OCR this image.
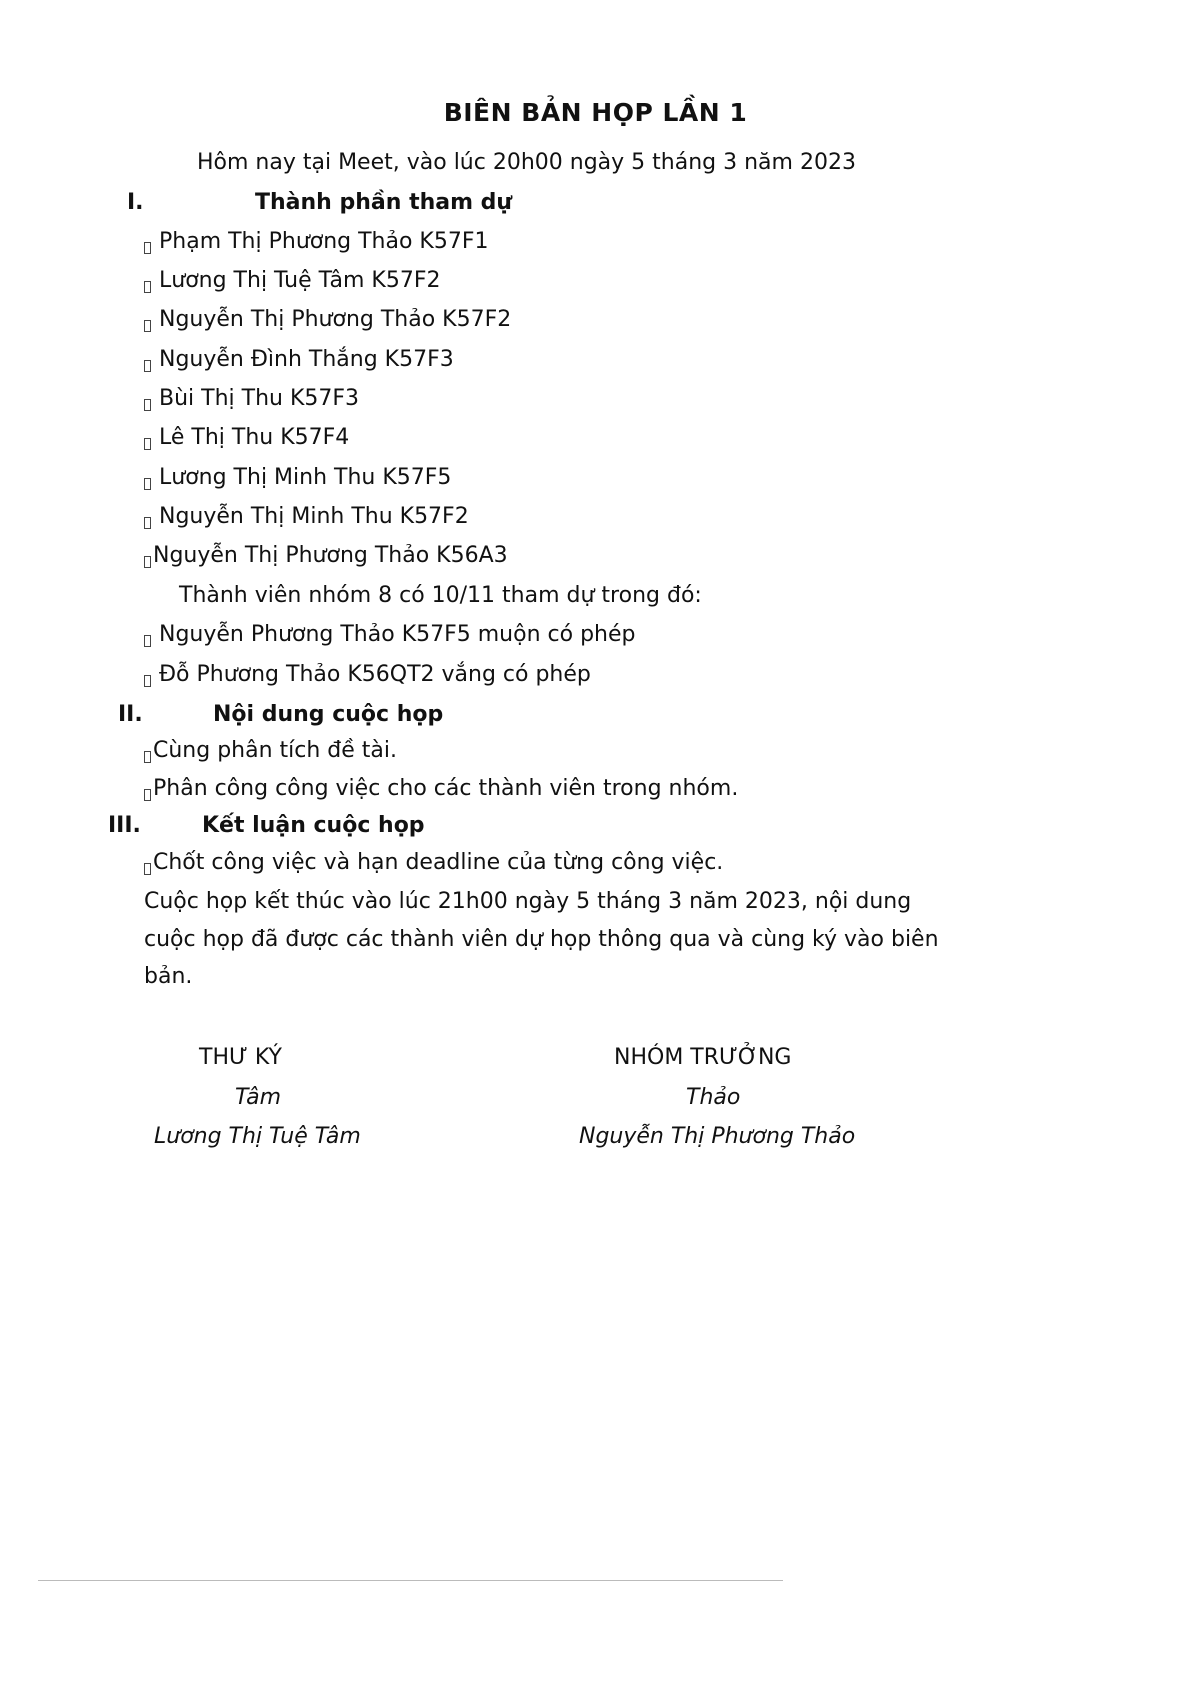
BIÊN BẢN HỌP LẦN 1
Hôm nay tại Meet, vào lúc 20h00 ngày 5 tháng 3 năm 2023
I.	Thành phần tham dự
Phạm Thị Phương Thảo K57F1
Lương Thị Tuệ Tâm K57F2
Nguyễn Thị Phương Thảo K57F2
Nguyễn Đình Thắng K57F3
Bùi Thị Thu K57F3
Lê Thị Thu K57F4
Lương Thị Minh Thu K57F5
Nguyễn Thị Minh Thu K57F2
Nguyễn Thị Phương Thảo K56A3
Thành viên nhóm 8 có 10/11 tham dự trong đó:
Nguyễn Phương Thảo K57F5 muộn có phép
Đỗ Phương Thảo K56QT2 vắng có phép
II.	Nội dung cuộc họp
Cùng phân tích đề tài.
Phân công công việc cho các thành viên trong nhóm.
III.	Kết luận cuộc họp
Chốt công việc và hạn deadline của từng công việc.
Cuộc họp kết thúc vào lúc 21h00 ngày 5 tháng 3 năm 2023, nội dung
cuộc họp đã được các thành viên dự họp thông qua và cùng ký vào biên
bản.
THƯ KÝ
Tâm
Lương Thị Tuệ Tâm
NHÓM TRƯỞNG
Thảo
Nguyễn Thị Phương Thảo
